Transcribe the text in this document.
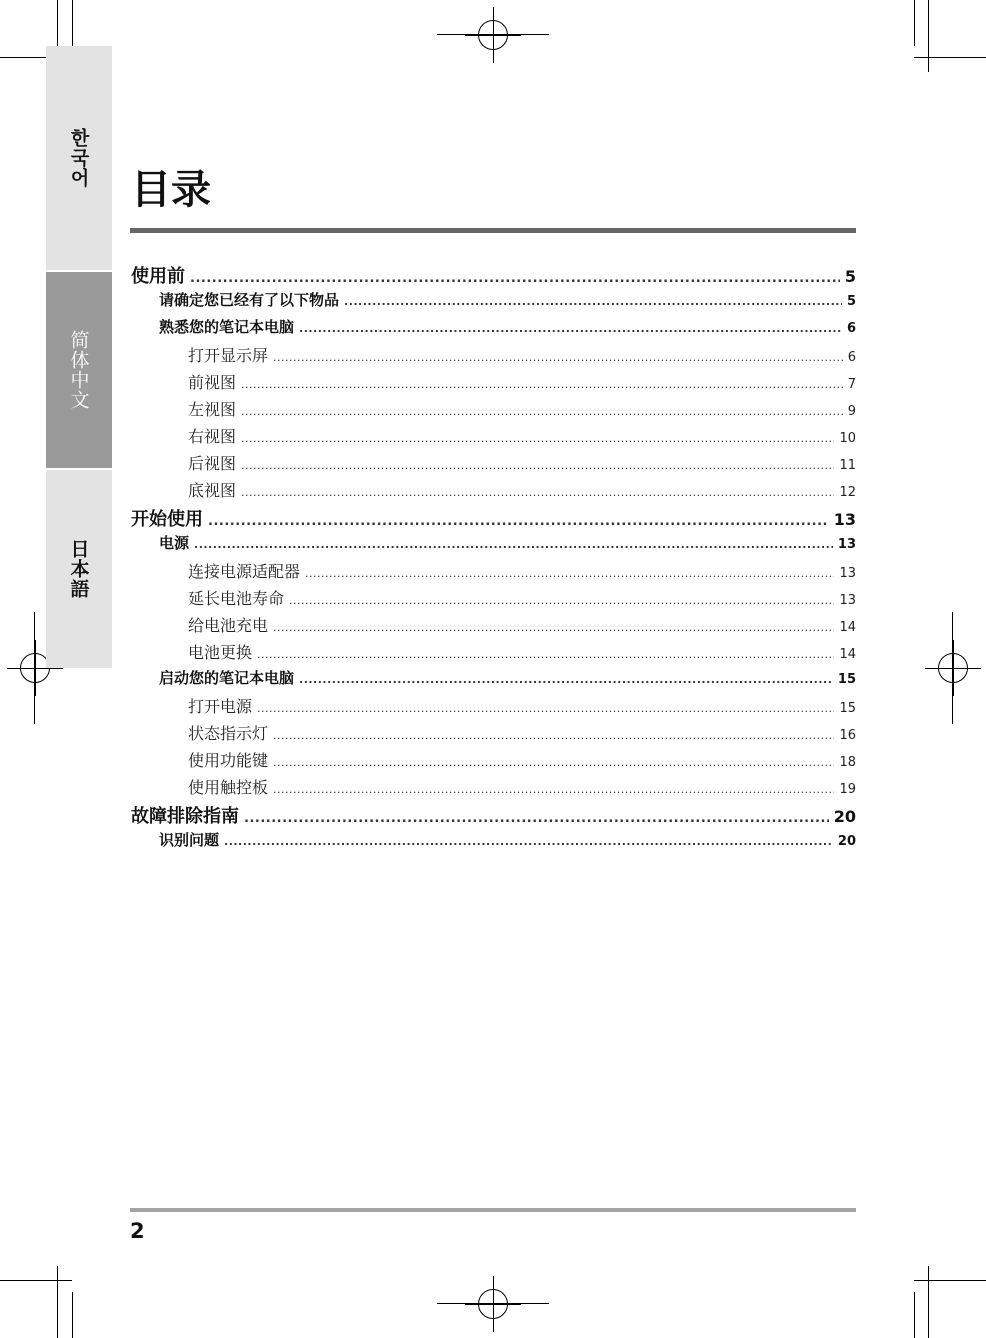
한국어
简体中文
日本語
目录
使用前 .....	5
请确定您已经有了以下物品 .....	5
熟悉您的笔记本电脑 .....	6
打开显示屏 .....	6
前视图 .....	7
左视图 .....	9
右视图 .....	10
后视图 .....	11
底视图 .....	12
开始使用 .....	13
电源 .....	13
连接电源适配器 .....	13
延长电池寿命 .....	13
给电池充电 .....	14
电池更换 .....	14
启动您的笔记本电脑 .....	15
打开电源 .....	15
状态指示灯 .....	16
使用功能键 .....	18
使用触控板 .....	19
故障排除指南 .....	20
识别问题 .....	20
2
